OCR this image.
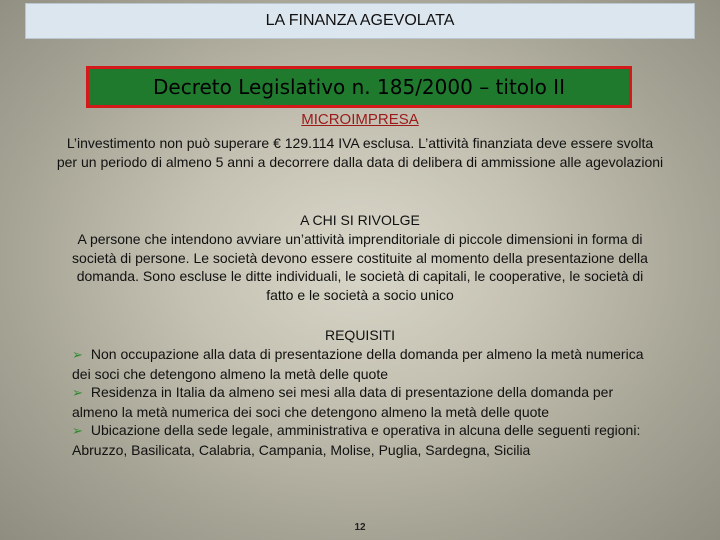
LA FINANZA AGEVOLATA
Decreto Legislativo n. 185/2000 – titolo II
MICROIMPRESA
L’investimento non può superare € 129.114 IVA esclusa. L’attività finanziata deve essere svolta per un periodo di almeno 5 anni a decorrere dalla data di delibera di ammissione alle agevolazioni
A CHI SI RIVOLGE
A persone che intendono avviare un’attività imprenditoriale di piccole dimensioni in forma di società di persone. Le società devono essere costituite al momento della presentazione della domanda. Sono escluse le ditte individuali, le società di capitali, le cooperative, le società di fatto e le società a socio unico
REQUISITI
➢ Non occupazione alla data di presentazione della domanda per almeno la metà numerica dei soci che detengono almeno la metà delle quote
➢ Residenza in Italia da almeno sei mesi alla data di presentazione della domanda per almeno la metà numerica dei soci che detengono almeno la metà delle quote
➢ Ubicazione della sede legale, amministrativa e operativa in alcuna delle seguenti regioni: Abruzzo, Basilicata, Calabria, Campania, Molise, Puglia, Sardegna, Sicilia
12
